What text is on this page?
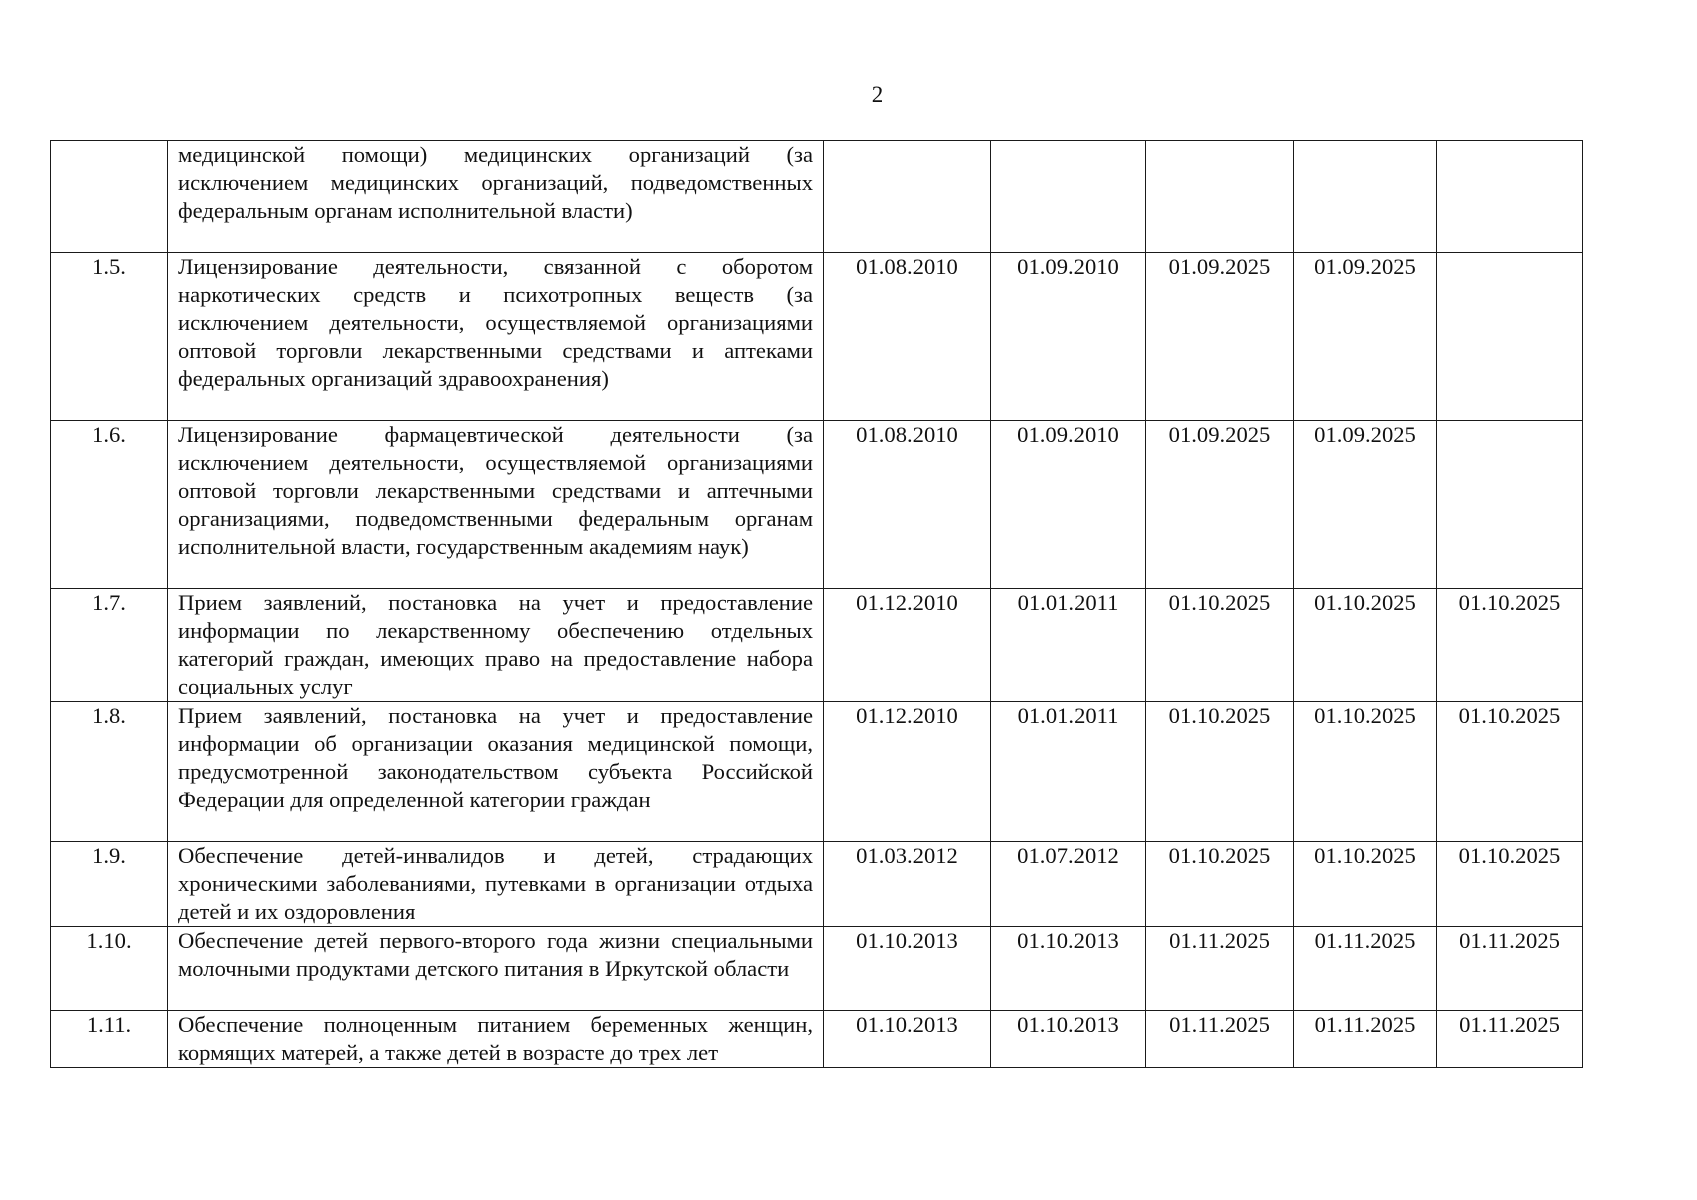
2

	медицинской помощи) медицинских организаций (за исключением медицинских организаций, подведомственных федеральным органам исполнительной власти)					

1.5.	Лицензирование деятельности, связанной с оборотом наркотических средств и психотропных веществ (за исключением деятельности, осуществляемой организациями оптовой торговли лекарственными средствами и аптеками федеральных организаций здравоохранения)	01.08.2010	01.09.2010	01.09.2025	01.09.2025	
1.6.	Лицензирование фармацевтической деятельности (за исключением деятельности, осуществляемой организациями оптовой торговли лекарственными средствами и аптечными организациями, подведомственными федеральным органам исполнительной власти, государственным академиям наук)	01.08.2010	01.09.2010	01.09.2025	01.09.2025	
1.7.	Прием заявлений, постановка на учет и предоставление информации по лекарственному обеспечению отдельных категорий граждан, имеющих право на предоставление набора социальных услуг	01.12.2010	01.01.2011	01.10.2025	01.10.2025	01.10.2025
1.8.	Прием заявлений, постановка на учет и предоставление информации об организации оказания медицинской помощи, предусмотренной законодательством субъекта Российской Федерации для определенной категории граждан	01.12.2010	01.01.2011	01.10.2025	01.10.2025	01.10.2025
1.9.	Обеспечение детей-инвалидов и детей, страдающих хроническими заболеваниями, путевками в организации отдыха детей и их оздоровления	01.03.2012	01.07.2012	01.10.2025	01.10.2025	01.10.2025
1.10.	Обеспечение детей первого-второго года жизни специальными молочными продуктами детского питания в Иркутской области	01.10.2013	01.10.2013	01.11.2025	01.11.2025	01.11.2025
1.11.	Обеспечение полноценным питанием беременных женщин, кормящих матерей, а также детей в возрасте до трех лет	01.10.2013	01.10.2013	01.11.2025	01.11.2025	01.11.2025
